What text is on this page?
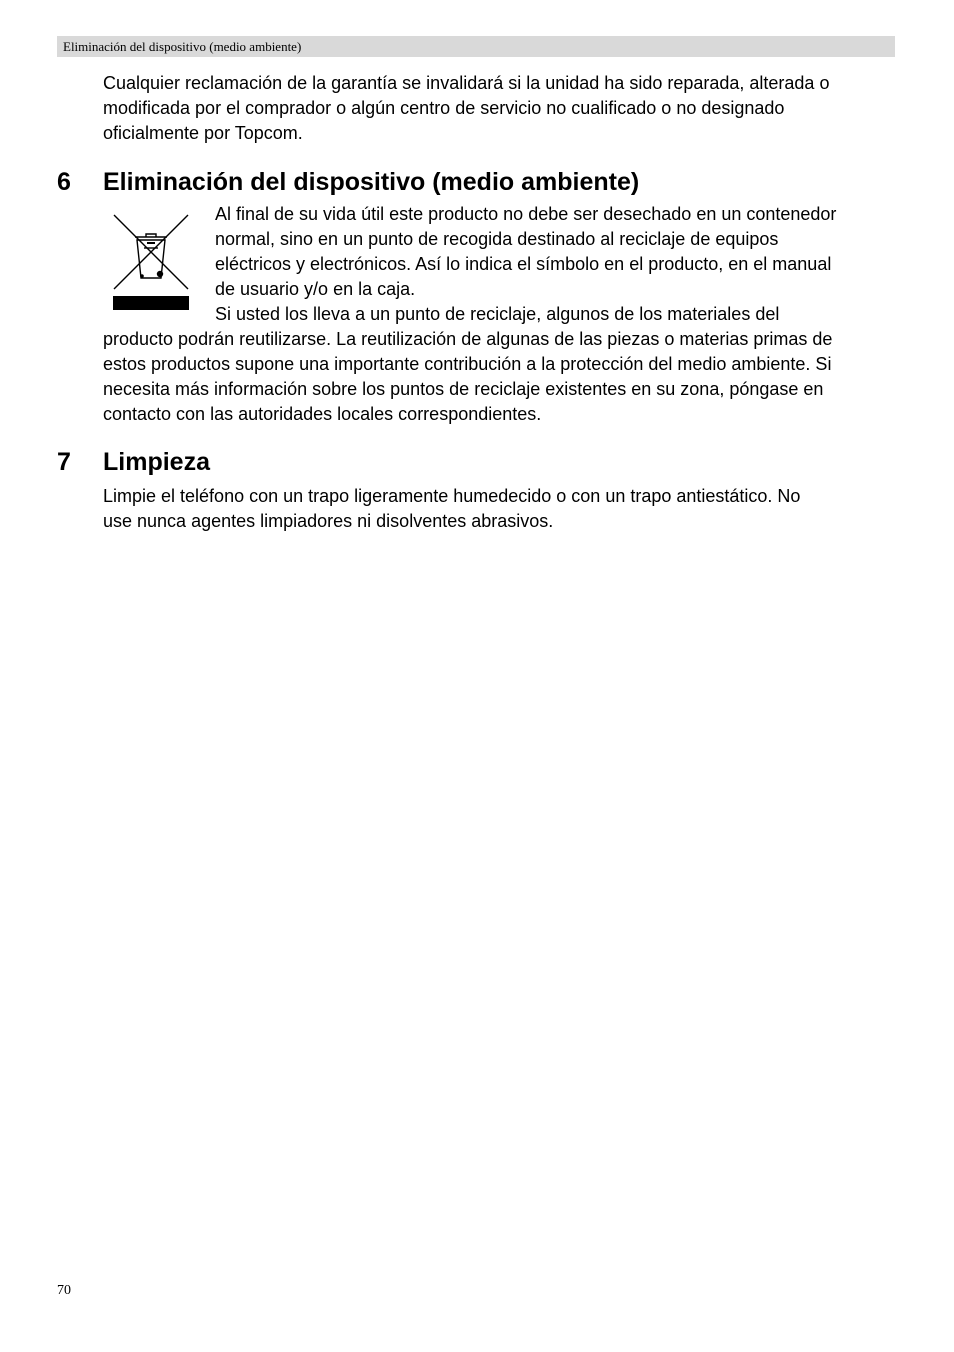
Eliminación del dispositivo (medio ambiente)

Cualquier reclamación de la garantía se invalidará si la unidad ha sido reparada, alterada o
modificada por el comprador o algún centro de servicio no cualificado o no designado
oficialmente por Topcom.

6 Eliminación del dispositivo (medio ambiente)

Al final de su vida útil este producto no debe ser desechado en un contenedor
normal, sino en un punto de recogida destinado al reciclaje de equipos
eléctricos y electrónicos. Así lo indica el símbolo en el producto, en el manual
de usuario y/o en la caja.
Si usted los lleva a un punto de reciclaje, algunos de los materiales del

producto podrán reutilizarse. La reutilización de algunas de las piezas o materias primas de
estos productos supone una importante contribución a la protección del medio ambiente. Si
necesita más información sobre los puntos de reciclaje existentes en su zona, póngase en
contacto con las autoridades locales correspondientes.

7 Limpieza

Limpie el teléfono con un trapo ligeramente humedecido o con un trapo antiestático. No
use nunca agentes limpiadores ni disolventes abrasivos.

70
